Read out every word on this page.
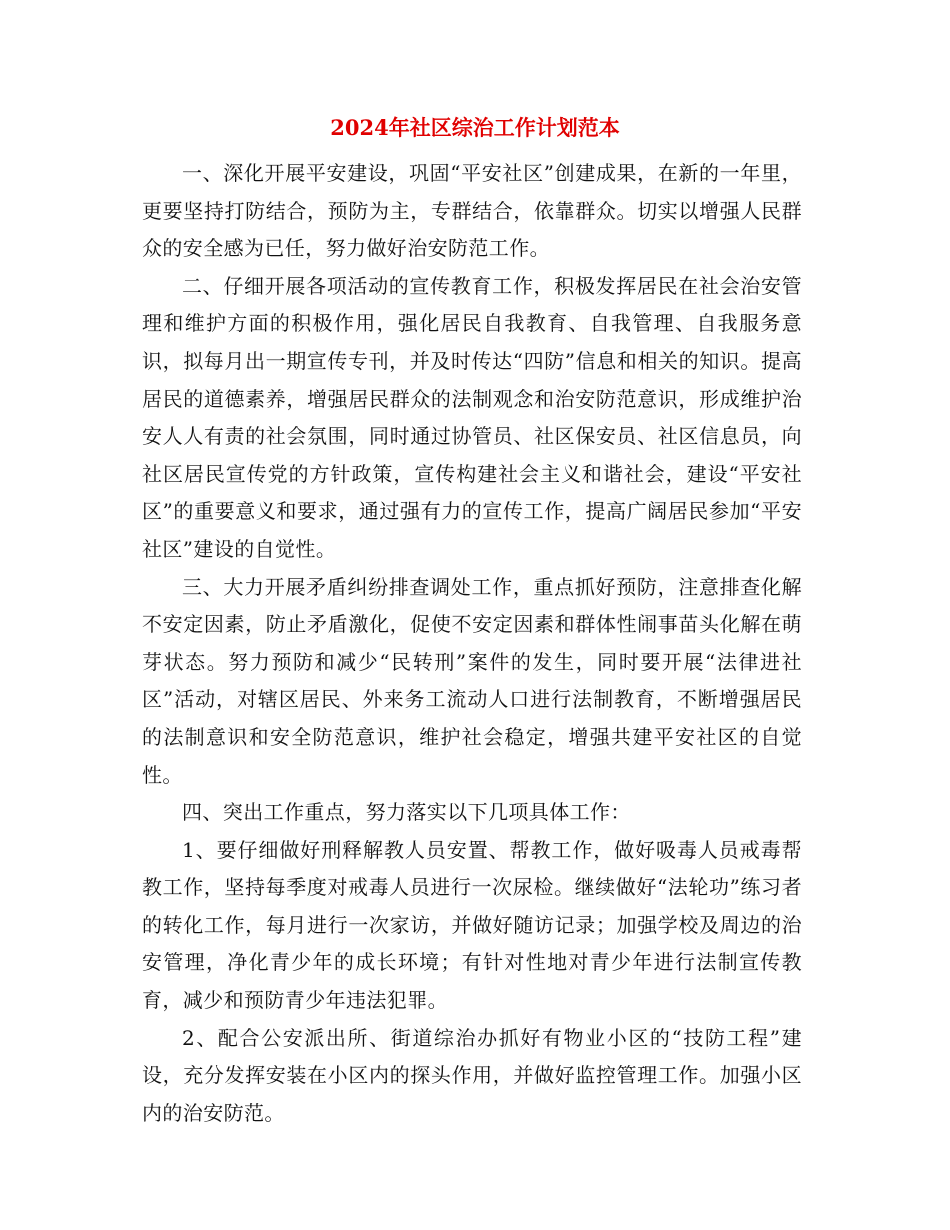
2024年社区综治工作计划范本

一、深化开展平安建设，巩固“平安社区”创建成果，在新的一年里，更要坚持打防结合，预防为主，专群结合，依靠群众。切实以增强人民群众的安全感为已任，努力做好治安防范工作。

二、仔细开展各项活动的宣传教育工作，积极发挥居民在社会治安管理和维护方面的积极作用，强化居民自我教育、自我管理、自我服务意识，拟每月出一期宣传专刊，并及时传达“四防”信息和相关的知识。提高居民的道德素养，增强居民群众的法制观念和治安防范意识，形成维护治安人人有责的社会氛围，同时通过协管员、社区保安员、社区信息员，向社区居民宣传党的方针政策，宣传构建社会主义和谐社会，建设“平安社区”的重要意义和要求，通过强有力的宣传工作，提高广阔居民参加“平安社区”建设的自觉性。

三、大力开展矛盾纠纷排查调处工作，重点抓好预防，注意排查化解不安定因素，防止矛盾激化，促使不安定因素和群体性闹事苗头化解在萌芽状态。努力预防和减少“民转刑”案件的发生，同时要开展“法律进社区”活动，对辖区居民、外来务工流动人口进行法制教育，不断增强居民的法制意识和安全防范意识，维护社会稳定，增强共建平安社区的自觉性。

四、突出工作重点，努力落实以下几项具体工作：

1、要仔细做好刑释解教人员安置、帮教工作，做好吸毒人员戒毒帮教工作，坚持每季度对戒毒人员进行一次尿检。继续做好“法轮功”练习者的转化工作，每月进行一次家访，并做好随访记录；加强学校及周边的治安管理，净化青少年的成长环境；有针对性地对青少年进行法制宣传教育，减少和预防青少年违法犯罪。

2、配合公安派出所、街道综治办抓好有物业小区的“技防工程”建设，充分发挥安装在小区内的探头作用，并做好监控管理工作。加强小区内的治安防范。
